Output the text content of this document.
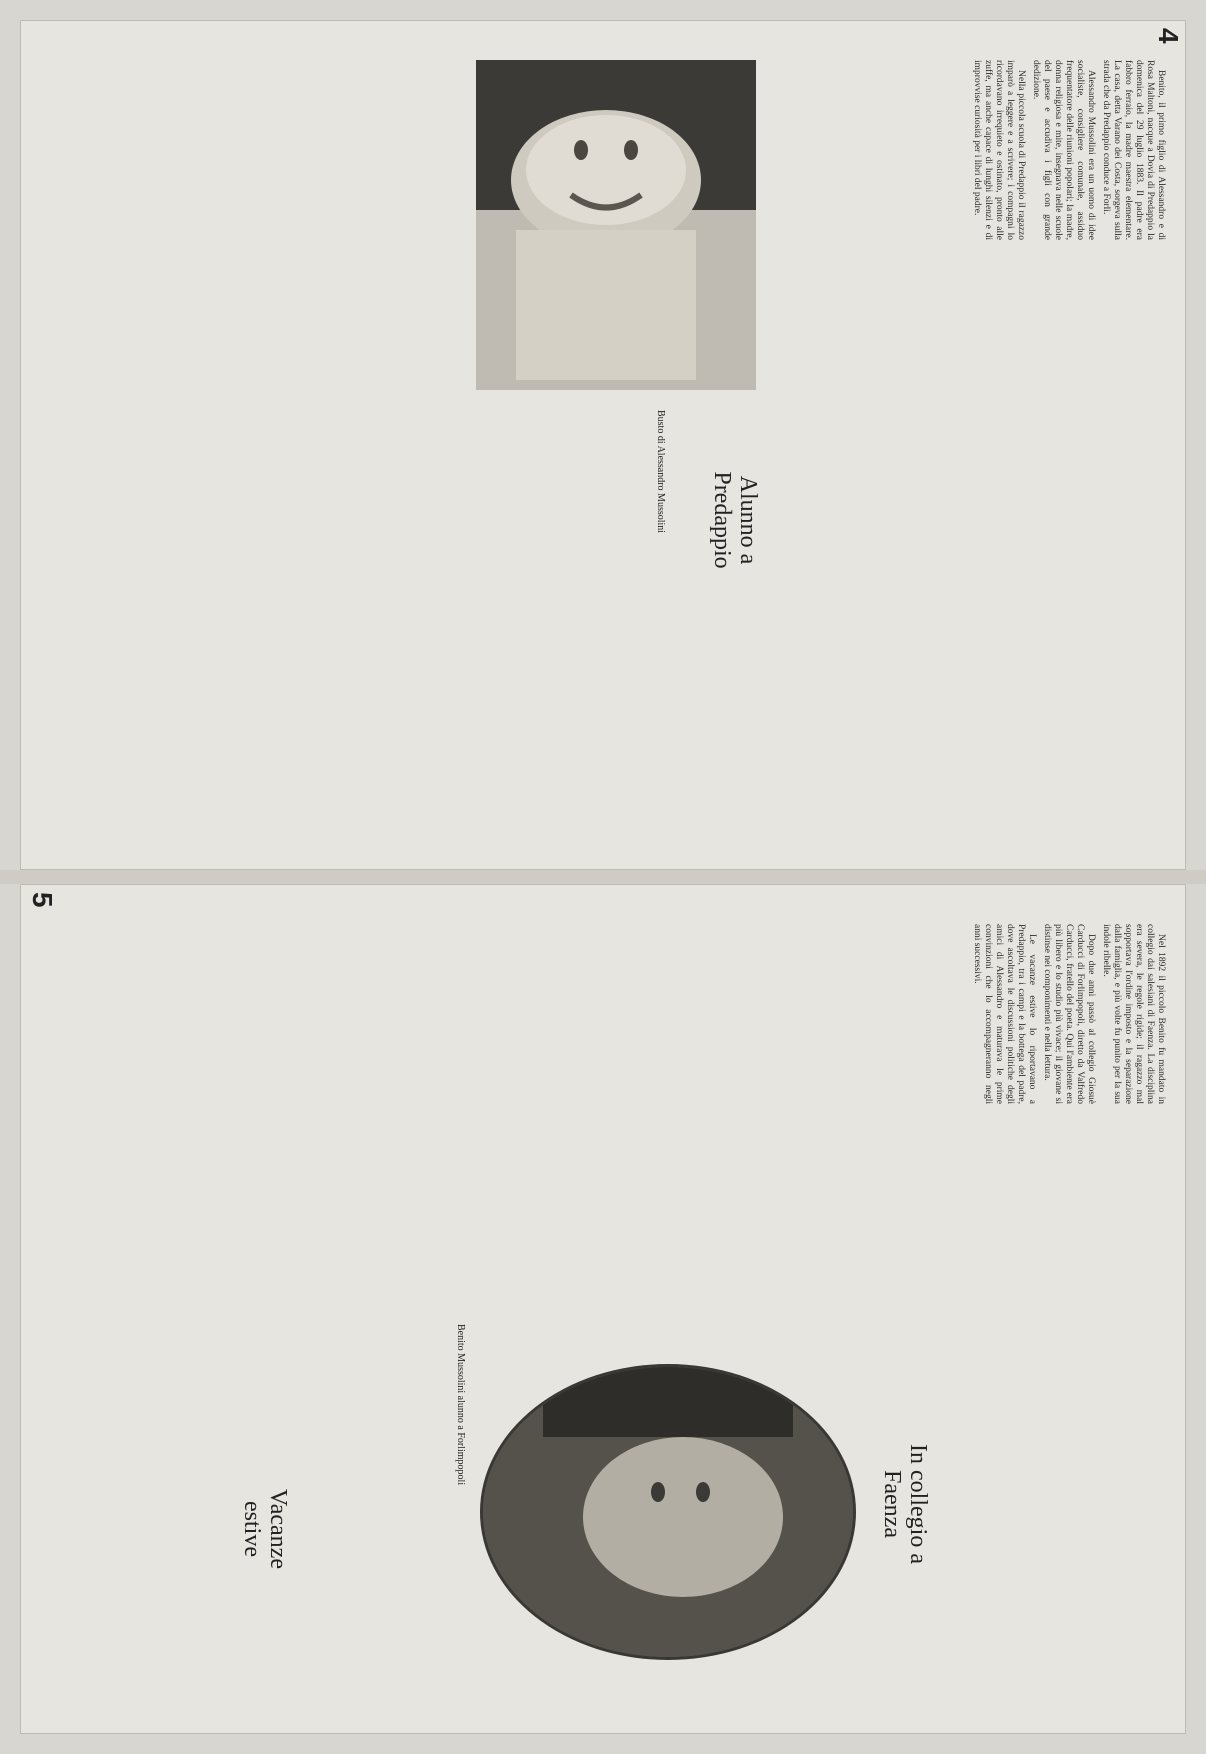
4

Benito, il primo figlio di Alessandro e di Rosa Maltoni, nacque a Dovia di Predappio la domenica del 29 luglio 1883. Il padre era fabbro ferraio, la madre maestra elementare. La casa, detta Varano dei Costa, sorgeva sulla strada che da Predappio conduce a Forlì.

Alessandro Mussolini era un uomo di idee socialiste, consigliere comunale, assiduo frequentatore delle riunioni popolari; la madre, donna religiosa e mite, insegnava nelle scuole del paese e accudiva i figli con grande dedizione.

Nella piccola scuola di Predappio il ragazzo imparò a leggere e a scrivere; i compagni lo ricordavano irrequieto e ostinato, pronto alle zuffe, ma anche capace di lunghi silenzi e di improvvise curiosità per i libri del padre.

Busto di Alessandro Mussolini	Alunno a Predappio
5

Nel 1892 il piccolo Benito fu mandato in collegio dai salesiani di Faenza. La disciplina era severa, le regole rigide; il ragazzo mal sopportava l'ordine imposto e la separazione dalla famiglia, e più volte fu punito per la sua indole ribelle.

Dopo due anni passò al collegio Giosuè Carducci di Forlimpopoli, diretto da Valfredo Carducci, fratello del poeta. Qui l'ambiente era più libero e lo studio più vivace; il giovane si distinse nei componimenti e nella lettura.

Le vacanze estive lo riportavano a Predappio, tra i campi e la bottega del padre, dove ascoltava le discussioni politiche degli amici di Alessandro e maturava le prime convinzioni che lo accompagneranno negli anni successivi.

Benito Mussolini alunno a Forlimpopoli
In collegio a Faenza
Vacanze estive
